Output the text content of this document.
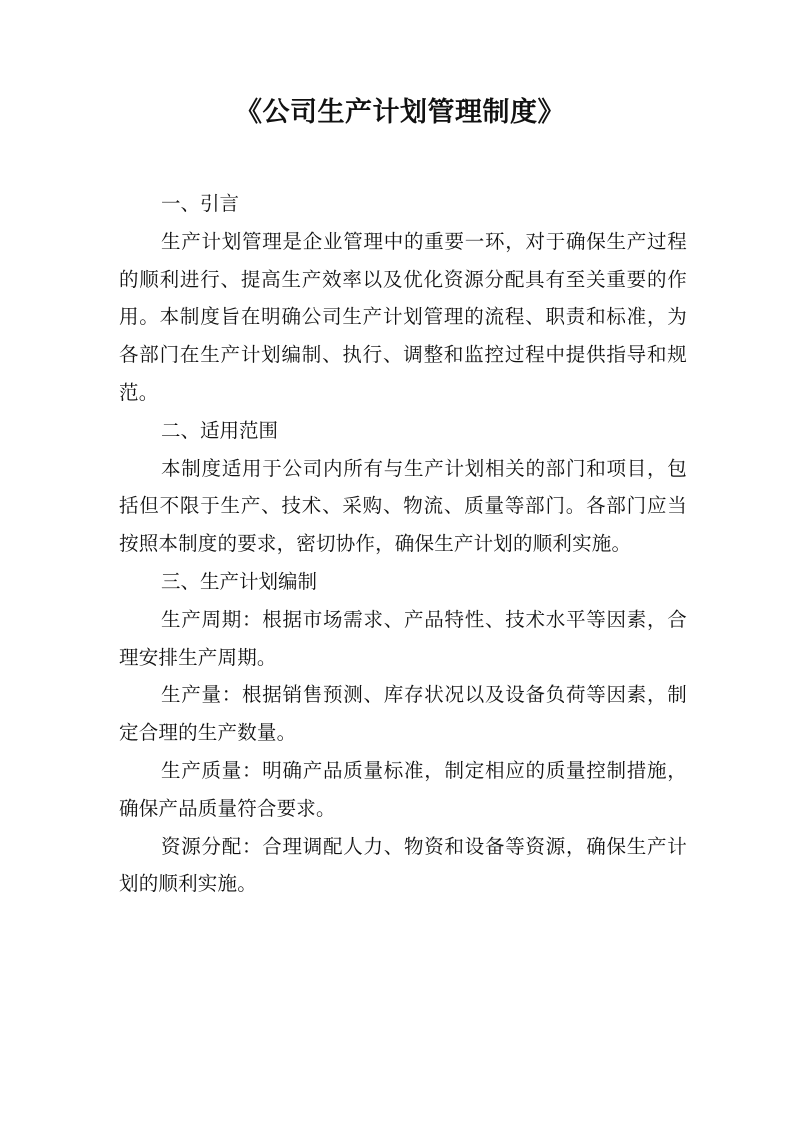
《公司生产计划管理制度》

一、引言

生产计划管理是企业管理中的重要一环，对于确保生产过程的顺利进行、提高生产效率以及优化资源分配具有至关重要的作用。本制度旨在明确公司生产计划管理的流程、职责和标准，为各部门在生产计划编制、执行、调整和监控过程中提供指导和规范。

二、适用范围

本制度适用于公司内所有与生产计划相关的部门和项目，包括但不限于生产、技术、采购、物流、质量等部门。各部门应当按照本制度的要求，密切协作，确保生产计划的顺利实施。

三、生产计划编制

生产周期：根据市场需求、产品特性、技术水平等因素，合理安排生产周期。

生产量：根据销售预测、库存状况以及设备负荷等因素，制定合理的生产数量。

生产质量：明确产品质量标准，制定相应的质量控制措施，确保产品质量符合要求。

资源分配：合理调配人力、物资和设备等资源，确保生产计划的顺利实施。
